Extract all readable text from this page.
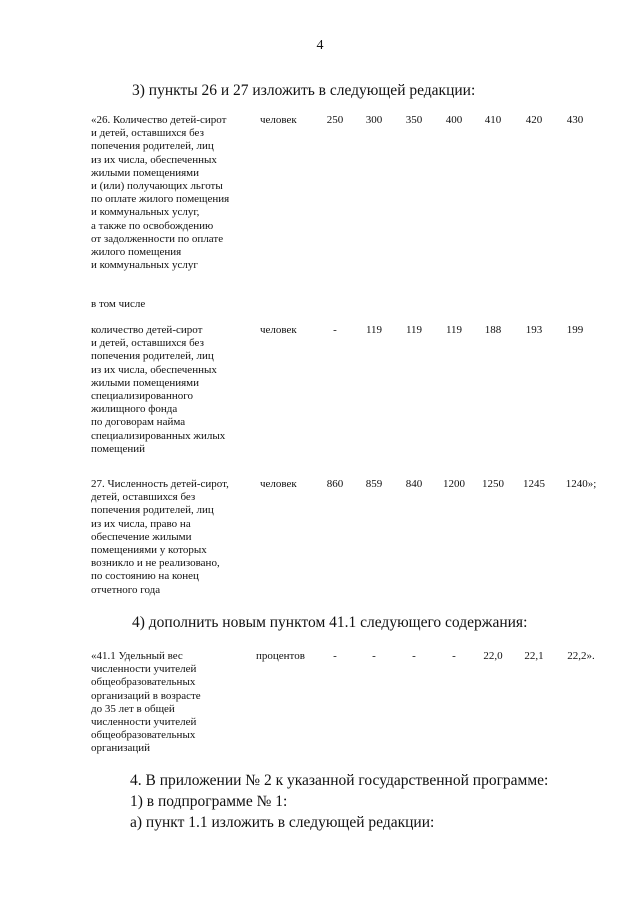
4
3) пункты 26 и 27 изложить в следующей редакции:
«26. Количество детей-сирот
и детей, оставшихся без
попечения родителей, лиц
из их числа, обеспеченных
жилыми помещениями
и (или) получающих льготы
по оплате жилого помещения
и коммунальных услуг,
а также по освобождению
от задолженности по оплате
жилого помещения
и коммунальных услуг
человек	250	300	350	400	410	420	430
в том числе
количество детей-сирот
и детей, оставшихся без
попечения родителей, лиц
из их числа, обеспеченных
жилыми помещениями
специализированного
жилищного фонда
по договорам найма
специализированных жилых
помещений
человек	-	119	119	119	188	193	199
27. Численность детей-сирот,
детей, оставшихся без
попечения родителей, лиц
из их числа, право на
обеспечение жилыми
помещениями у которых
возникло и не реализовано,
по состоянию на конец
отчетного года
человек	860	859	840	1200	1250	1245	1240»;
4) дополнить новым пунктом 41.1 следующего содержания:
«41.1 Удельный вес
численности учителей
общеобразовательных
организаций в возрасте
до 35 лет в общей
численности учителей
общеобразовательных
организаций
процентов	-	-	-	-	22,0	22,1	22,2».
4. В приложении № 2 к указанной государственной программе:
1) в подпрограмме № 1:
а) пункт 1.1 изложить в следующей редакции:
